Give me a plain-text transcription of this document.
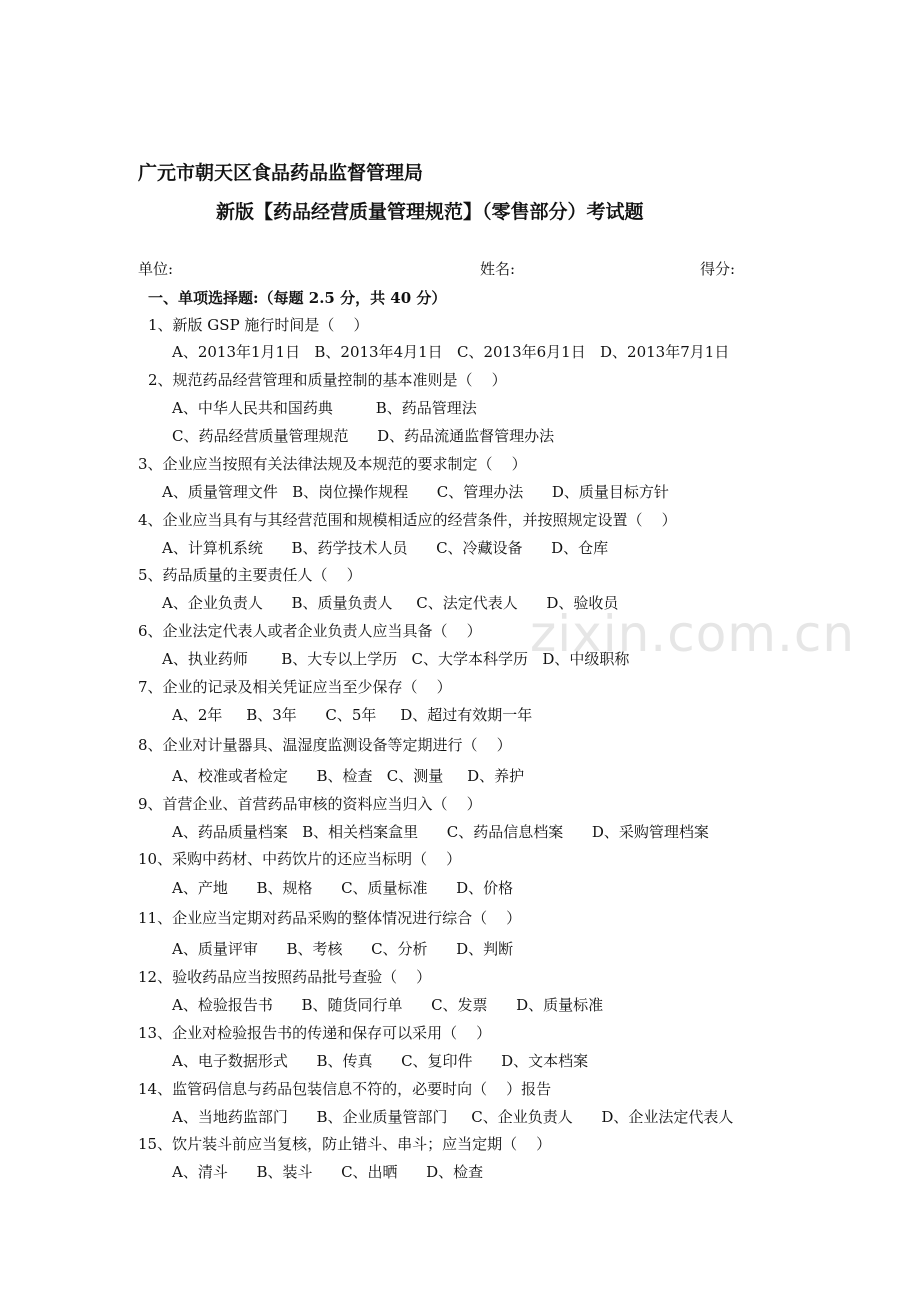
zixin.com.cn
广元市朝天区食品药品监督管理局
新版【药品经营质量管理规范】（零售部分）考试题
单位:	姓名:	得分:
一、单项选择题:（每题 2.5 分，共 40 分）
1、新版 GSP 施行时间是（    ）
A、2013年1月1日   B、2013年4月1日   C、2013年6月1日   D、2013年7月1日
2、规范药品经营管理和质量控制的基本准则是（    ）
A、中华人民共和国药典         B、药品管理法
C、药品经营质量管理规范      D、药品流通监督管理办法
3、企业应当按照有关法律法规及本规范的要求制定（    ）
A、质量管理文件   B、岗位操作规程      C、管理办法      D、质量目标方针
4、企业应当具有与其经营范围和规模相适应的经营条件，并按照规定设置（    ）
A、计算机系统      B、药学技术人员      C、冷藏设备      D、仓库
5、药品质量的主要责任人（    ）
A、企业负责人      B、质量负责人     C、法定代表人      D、验收员
6、企业法定代表人或者企业负责人应当具备（    ）
A、执业药师       B、大专以上学历   C、大学本科学历   D、中级职称
7、企业的记录及相关凭证应当至少保存（    ）
A、2年     B、3年      C、5年     D、超过有效期一年
8、企业对计量器具、温湿度监测设备等定期进行（    ）
A、校准或者检定      B、检查   C、测量     D、养护
9、首营企业、首营药品审核的资料应当归入（    ）
A、药品质量档案   B、相关档案盒里      C、药品信息档案      D、采购管理档案
10、采购中药材、中药饮片的还应当标明（    ）
A、产地      B、规格      C、质量标准      D、价格
11、企业应当定期对药品采购的整体情况进行综合（    ）
A、质量评审      B、考核      C、分析      D、判断
12、验收药品应当按照药品批号查验（    ）
A、检验报告书      B、随货同行单      C、发票      D、质量标准
13、企业对检验报告书的传递和保存可以采用（    ）
A、电子数据形式      B、传真      C、复印件      D、文本档案
14、监管码信息与药品包装信息不符的，必要时向（    ）报告
A、当地药监部门      B、企业质量管部门     C、企业负责人      D、企业法定代表人
15、饮片装斗前应当复核，防止错斗、串斗；应当定期（    ）
A、清斗      B、装斗      C、出晒      D、检查
